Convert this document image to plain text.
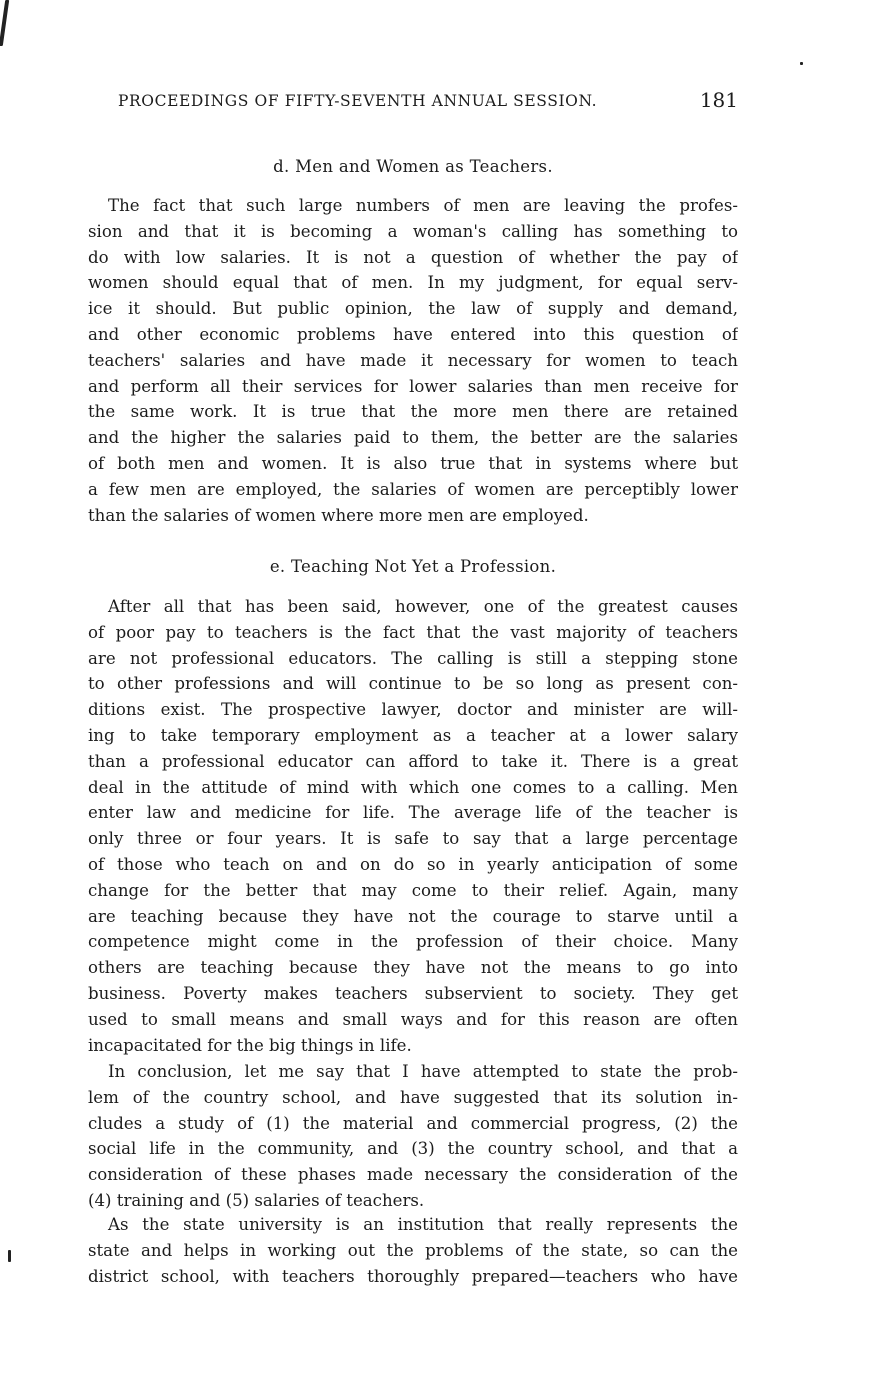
PROCEEDINGS OF FIFTY-SEVENTH ANNUAL SESSION.	181
d. Men and Women as Teachers.
The fact that such large numbers of men are leaving the profes-
sion and that it is becoming a woman's calling has something to
do with low salaries. It is not a question of whether the pay of
women should equal that of men. In my judgment, for equal serv-
ice it should. But public opinion, the law of supply and demand,
and other economic problems have entered into this question of
teachers' salaries and have made it necessary for women to teach
and perform all their services for lower salaries than men receive for
the same work. It is true that the more men there are retained
and the higher the salaries paid to them, the better are the salaries
of both men and women. It is also true that in systems where but
a few men are employed, the salaries of women are perceptibly lower
than the salaries of women where more men are employed.
e. Teaching Not Yet a Profession.
After all that has been said, however, one of the greatest causes
of poor pay to teachers is the fact that the vast majority of teachers
are not professional educators. The calling is still a stepping stone
to other professions and will continue to be so long as present con-
ditions exist. The prospective lawyer, doctor and minister are will-
ing to take temporary employment as a teacher at a lower salary
than a professional educator can afford to take it. There is a great
deal in the attitude of mind with which one comes to a calling. Men
enter law and medicine for life. The average life of the teacher is
only three or four years. It is safe to say that a large percentage
of those who teach on and on do so in yearly anticipation of some
change for the better that may come to their relief. Again, many
are teaching because they have not the courage to starve until a
competence might come in the profession of their choice. Many
others are teaching because they have not the means to go into
business. Poverty makes teachers subservient to society. They get
used to small means and small ways and for this reason are often
incapacitated for the big things in life.
In conclusion, let me say that I have attempted to state the prob-
lem of the country school, and have suggested that its solution in-
cludes a study of (1) the material and commercial progress, (2) the
social life in the community, and (3) the country school, and that a
consideration of these phases made necessary the consideration of the
(4) training and (5) salaries of teachers.
As the state university is an institution that really represents the
state and helps in working out the problems of the state, so can the
district school, with teachers thoroughly prepared—teachers who have
